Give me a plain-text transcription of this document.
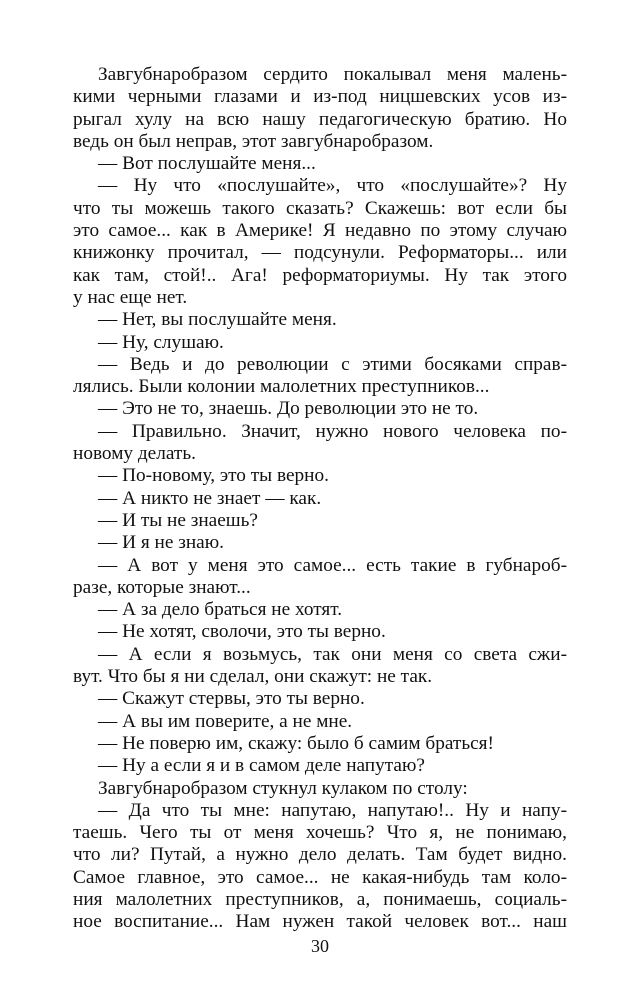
Завгубнаробразом сердито покалывал меня малень-
кими черными глазами и из-под ницшевских усов из-
рыгал хулу на всю нашу педагогическую братию. Но
ведь он был неправ, этот завгубнаробразом.
— Вот послушайте меня...
— Ну что «послушайте», что «послушайте»? Ну
что ты можешь такого сказать? Скажешь: вот если бы
это самое... как в Америке! Я недавно по этому случаю
книжонку прочитал, — подсунули. Реформаторы... или
как там, стой!.. Ага! реформаториумы. Ну так этого
у нас еще нет.
— Нет, вы послушайте меня.
— Ну, слушаю.
— Ведь и до революции с этими босяками справ-
лялись. Были колонии малолетних преступников...
— Это не то, знаешь. До революции это не то.
— Правильно. Значит, нужно нового человека по-
новому делать.
— По-новому, это ты верно.
— А никто не знает — как.
— И ты не знаешь?
— И я не знаю.
— А вот у меня это самое... есть такие в губнароб-
разе, которые знают...
— А за дело браться не хотят.
— Не хотят, сволочи, это ты верно.
— А если я возьмусь, так они меня со света сжи-
вут. Что бы я ни сделал, они скажут: не так.
— Скажут стервы, это ты верно.
— А вы им поверите, а не мне.
— Не поверю им, скажу: было б самим браться!
— Ну а если я и в самом деле напутаю?
Завгубнаробразом стукнул кулаком по столу:
— Да что ты мне: напутаю, напутаю!.. Ну и напу-
таешь. Чего ты от меня хочешь? Что я, не понимаю,
что ли? Путай, а нужно дело делать. Там будет видно.
Самое главное, это самое... не какая-нибудь там коло-
ния малолетних преступников, а, понимаешь, социаль-
ное воспитание... Нам нужен такой человек вот... наш
30
